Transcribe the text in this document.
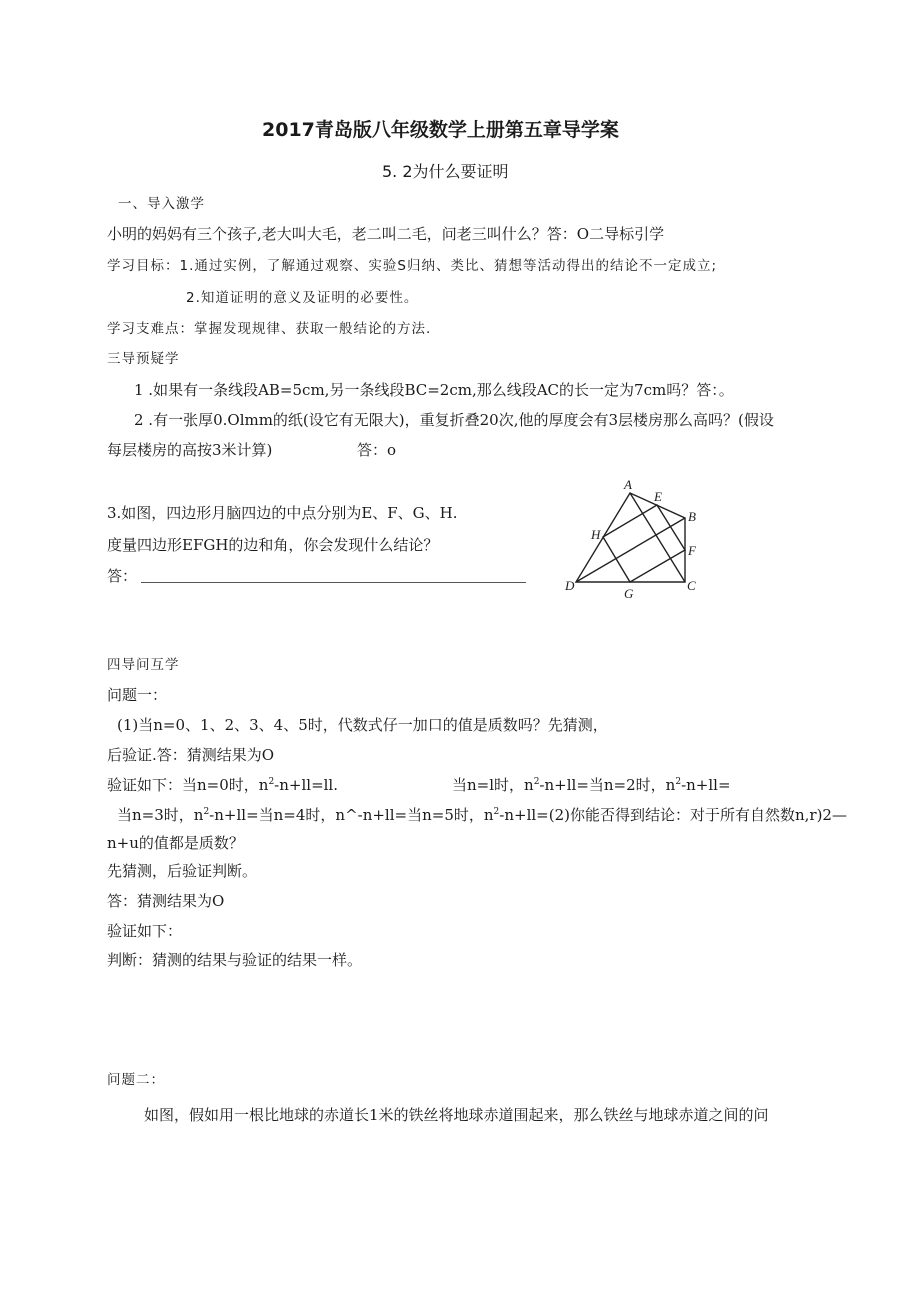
2017青岛版八年级数学上册第五章导学案
5. 2为什么要证明
一、导入激学
小明的妈妈有三个孩子,老大叫大毛，老二叫二毛，问老三叫什么？答：O二导标引学
学习目标：1.通过实例，了解通过观察、实验S归纳、类比、猜想等活动得出的结论不一定成立;
2.知道证明的意义及证明的必要性。
学习支难点：掌握发现规律、获取一般结论的方法.
三导预疑学
1 .如果有一条线段AB=5cm,另一条线段BC=2cm,那么线段AC的长一定为7cm吗？答：。
2 .有一张厚0.Olmm的纸(设它有无限大)，重复折叠20次,他的厚度会有3层楼房那么高吗？(假设
每层楼房的高按3米计算)	答：o
3.如图，四边形月脑四边的中点分别为E、F、G、H.
度量四边形EFGH的边和角，你会发现什么结论？
答：
A
E
B
H
F
D
G
C
四导问互学
问题一：
(1)当n=0、1、2、3、4、5时，代数式仔一加口的值是质数吗？先猜测，
后验证.答：猜测结果为O
验证如下：当n=0时，$n^2-n+ll=ll$.	当n=l时，$n^2-n+ll=$当n=2时，$n^2-n+ll=$
当n=3时，$n^2-n+ll=$当n=4时，n^-n+ll=当n=5时，$n^2-n+ll=(2)$你能否得到结论：对于所有自然数n,r)2—
n+u的值都是质数？
先猜测，后验证判断。
答：猜测结果为O
验证如下：
判断：猜测的结果与验证的结果一样。
问题二：
如图，假如用一根比地球的赤道长1米的铁丝将地球赤道围起来，那么铁丝与地球赤道之间的问
